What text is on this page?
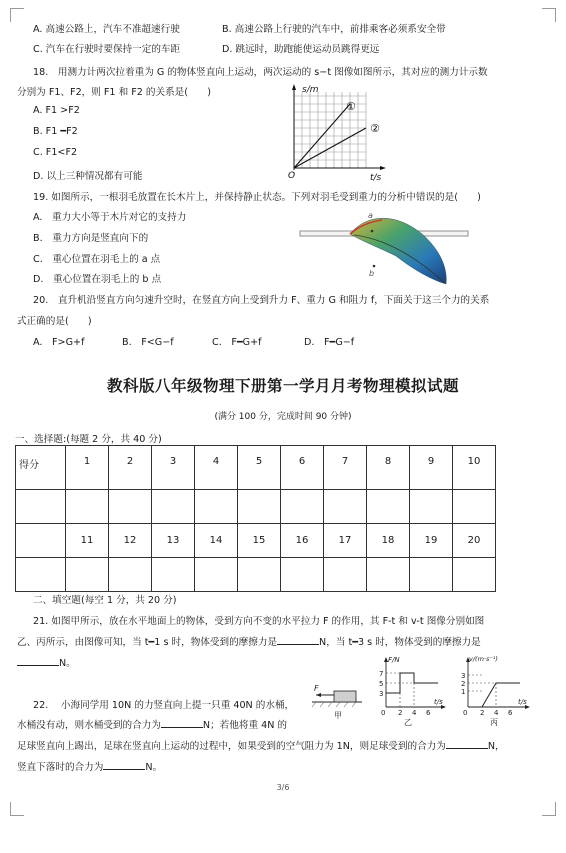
A. 高速公路上，汽车不准超速行驶	B. 高速公路上行驶的汽车中，前排乘客必须系安全带
C. 汽车在行驶时要保持一定的车距	D. 跳远时，助跑能使运动员跳得更远
18.　用测力计两次拉着重为 G 的物体竖直向上运动，两次运动的 s−t 图像如图所示，其对应的测力计示数
分别为 F1、F2，则 F1 和 F2 的关系是(　　)
A. F1 >F2
B. F1 ━F2
C. F1<F2
D. 以上三种情况都有可能
s/m
t/s
O
①
②
19. 如图所示，一根羽毛放置在长木片上，并保持静止状态。下列对羽毛受到重力的分析中错误的是(　　)
A.　重力大小等于木片对它的支持力
B.　重力方向是竖直向下的
C.　重心位置在羽毛上的 a 点
D.　重心位置在羽毛上的 b 点
a
b
20.　直升机沿竖直方向匀速升空时，在竖直方向上受到升力 F、重力 G 和阻力 f，下面关于这三个力的关系
式正确的是(　　)
A.　F>G+f	B.　F<G−f	C.　F━G+f	D.　F━G−f
教科版八年级物理下册第一学月月考物理模拟试题
(满分 100 分，完成时间 90 分钟)
一、选择题:(每题 2 分，共 40 分)
得分	1	2	3	4	5	6	7	8	9	10

	11	12	13	14	15	16	17	18	19	20

二、填空题(每空 1 分，共 20 分)
21. 如图甲所示，放在水平地面上的物体，受到方向不变的水平拉力 F 的作用，其 F-t 和 v-t 图像分别如图
乙、丙所示，由图像可知，当 t━1 s 时，物体受到的摩擦力是	N，当 t━3 s 时，物体受到的摩擦力是
N。
22.　 小海同学用 10N 的力竖直向上提一只重 40N 的水桶，
水桶没有动，则水桶受到的合力为	N；若他将重 4N 的
足球竖直向上踢出，足球在竖直向上运动的过程中，如果受到的空气阻力为 1N，则足球受到的合力为	N，
竖直下落时的合力为	N。
F
甲
F/N
t/s
7
5
3
0 2 4 6
乙
v/(m·s⁻¹)
t/s
3
2
1
0 2 4 6
丙
3/6
